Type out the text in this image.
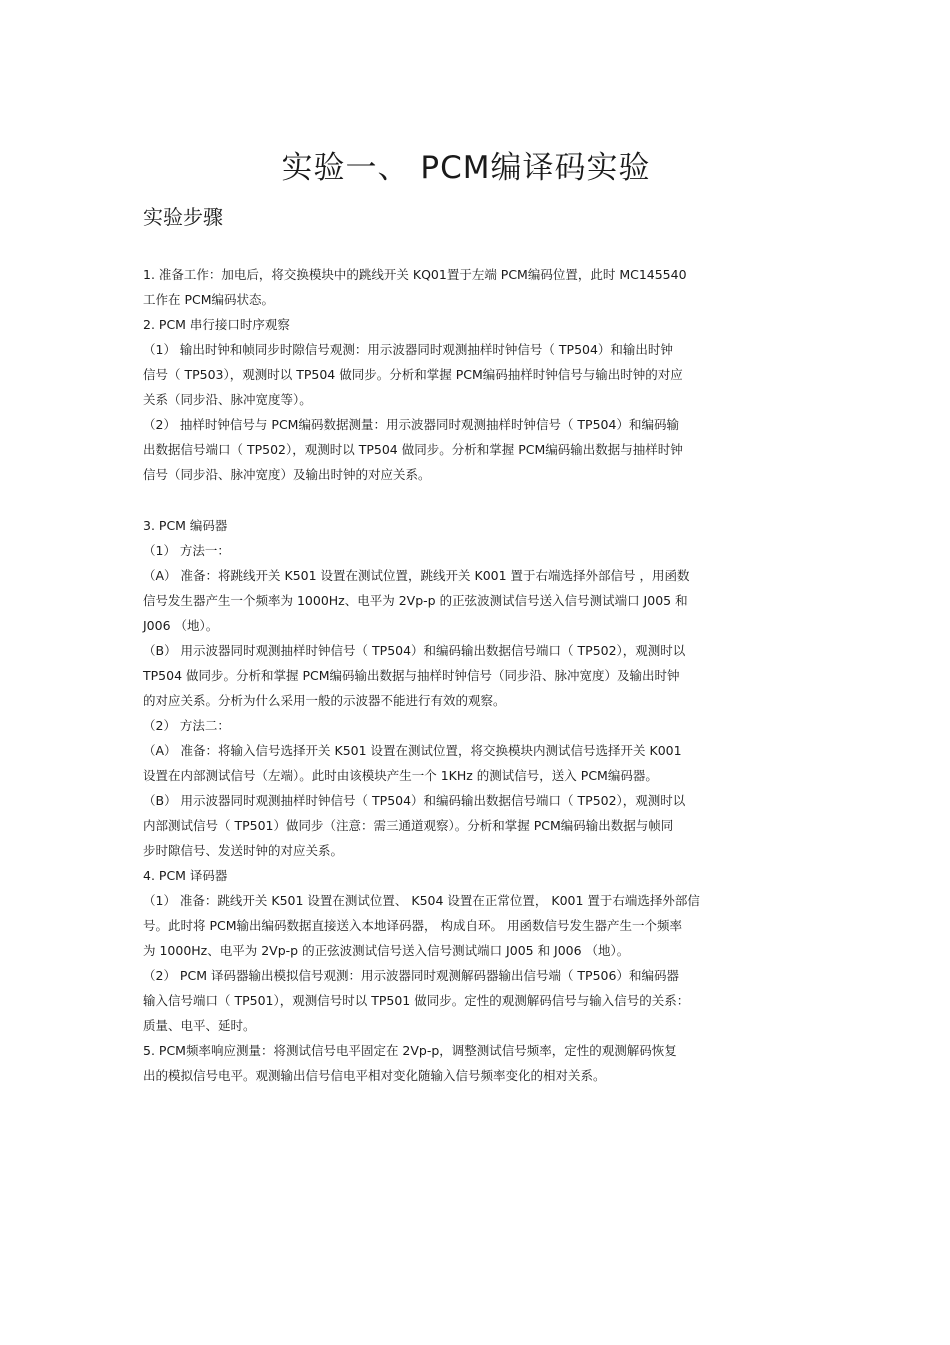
实验一、 PCM编译码实验
实验步骤
1. 准备工作：加电后，将交换模块中的跳线开关 KQ01置于左端 PCM编码位置，此时 MC145540
工作在 PCM编码状态。
2. PCM 串行接口时序观察
（1） 输出时钟和帧同步时隙信号观测：用示波器同时观测抽样时钟信号（ TP504）和输出时钟
信号（ TP503），观测时以 TP504 做同步。分析和掌握 PCM编码抽样时钟信号与输出时钟的对应
关系（同步沿、脉冲宽度等）。
（2） 抽样时钟信号与 PCM编码数据测量：用示波器同时观测抽样时钟信号（ TP504）和编码输
出数据信号端口（ TP502），观测时以 TP504 做同步。分析和掌握 PCM编码输出数据与抽样时钟
信号（同步沿、脉冲宽度）及输出时钟的对应关系。
3. PCM 编码器
（1） 方法一：
（A） 准备：将跳线开关 K501 设置在测试位置，跳线开关 K001 置于右端选择外部信号 ，用函数
信号发生器产生一个频率为 1000Hz、电平为 2Vp-p 的正弦波测试信号送入信号测试端口 J005 和
J006 （地）。
（B） 用示波器同时观测抽样时钟信号（ TP504）和编码输出数据信号端口（ TP502），观测时以
TP504 做同步。分析和掌握 PCM编码输出数据与抽样时钟信号（同步沿、脉冲宽度）及输出时钟
的对应关系。分析为什么采用一般的示波器不能进行有效的观察。
（2） 方法二：
（A） 准备：将输入信号选择开关 K501 设置在测试位置，将交换模块内测试信号选择开关 K001
设置在内部测试信号（左端）。此时由该模块产生一个 1KHz 的测试信号，送入 PCM编码器。
（B） 用示波器同时观测抽样时钟信号（ TP504）和编码输出数据信号端口（ TP502），观测时以
内部测试信号（ TP501）做同步（注意：需三通道观察）。分析和掌握 PCM编码输出数据与帧同
步时隙信号、发送时钟的对应关系。
4. PCM 译码器
（1） 准备：跳线开关 K501 设置在测试位置、 K504 设置在正常位置， K001 置于右端选择外部信
号。此时将 PCM输出编码数据直接送入本地译码器， 构成自环。 用函数信号发生器产生一个频率
为 1000Hz、电平为 2Vp-p 的正弦波测试信号送入信号测试端口 J005 和 J006 （地）。
（2） PCM 译码器输出模拟信号观测：用示波器同时观测解码器输出信号端（ TP506）和编码器
输入信号端口（ TP501），观测信号时以 TP501 做同步。定性的观测解码信号与输入信号的关系：
质量、电平、延时。
5. PCM频率响应测量：将测试信号电平固定在 2Vp-p，调整测试信号频率，定性的观测解码恢复
出的模拟信号电平。观测输出信号信电平相对变化随输入信号频率变化的相对关系。
